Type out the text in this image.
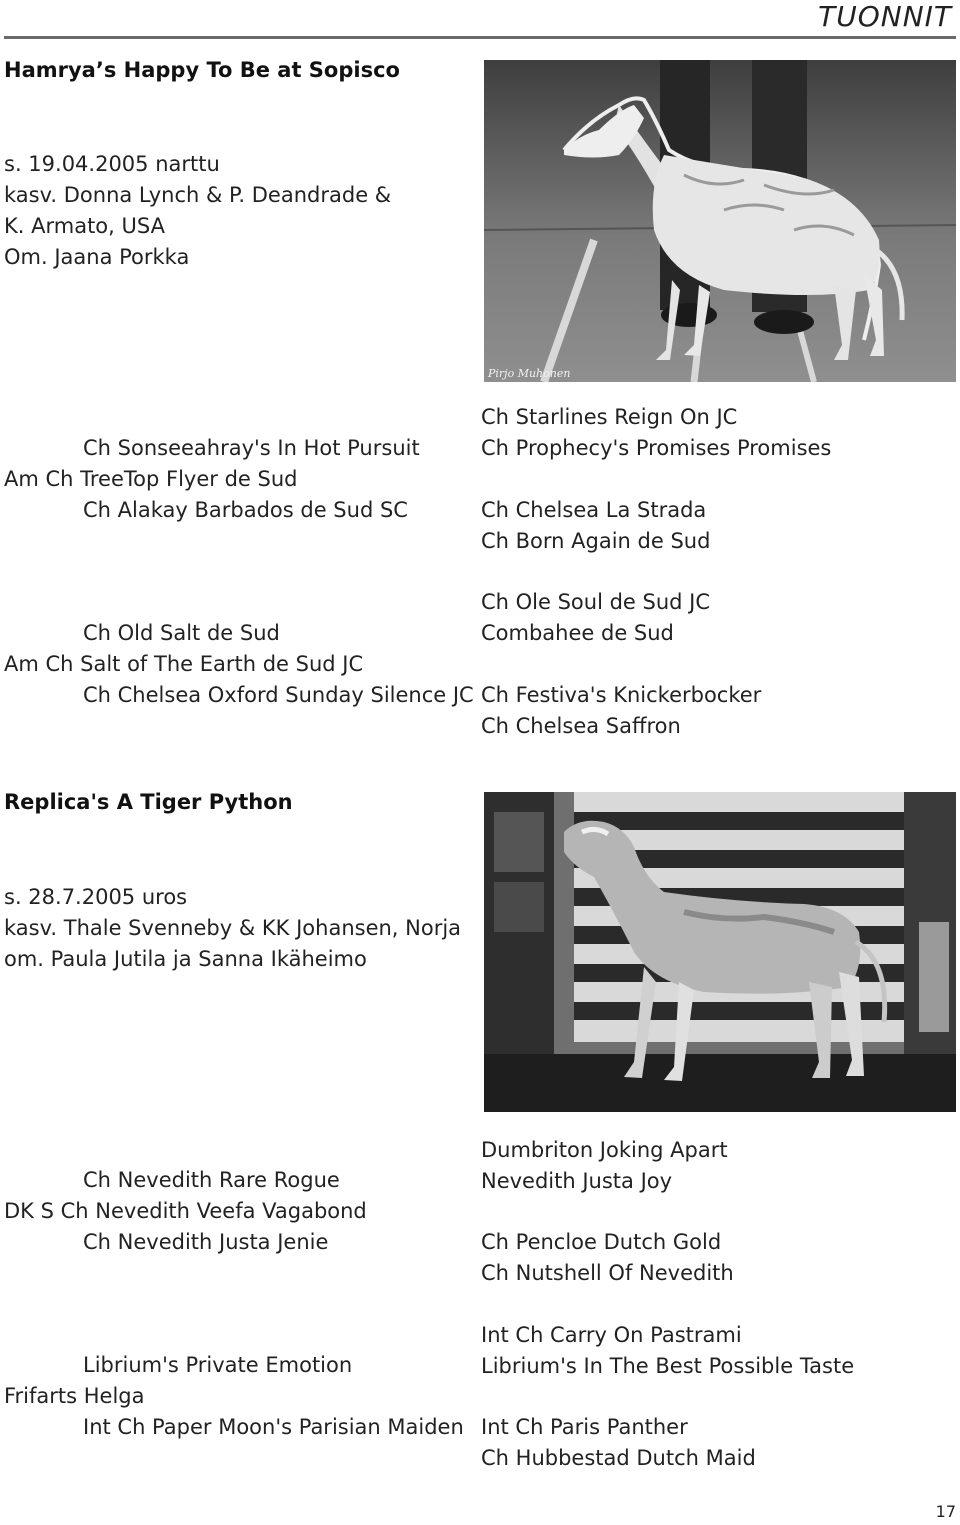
TUONNIT
Hamrya’s Happy To Be at Sopisco
s. 19.04.2005 narttu
kasv. Donna Lynch & P. Deandrade &
K. Armato, USA
Om. Jaana Porkka
Pirjo Muhonen
Ch Sonseeahray's In Hot Pursuit
Am Ch TreeTop Flyer de Sud
Ch Alakay Barbados de Sud SC
Ch Old Salt de Sud
Am Ch Salt of The Earth de Sud JC
Ch Chelsea Oxford Sunday Silence JC
Ch Starlines Reign On JC
Ch Prophecy's Promises Promises
Ch Chelsea La Strada
Ch Born Again de Sud
Ch Ole Soul de Sud JC
Combahee de Sud
Ch Festiva's Knickerbocker
Ch Chelsea Saffron
Replica's A Tiger Python
s. 28.7.2005 uros
kasv. Thale Svenneby & KK Johansen, Norja
om. Paula Jutila ja Sanna Ikäheimo
Ch Nevedith Rare Rogue
DK S Ch Nevedith Veefa Vagabond
Ch Nevedith Justa Jenie
Librium's Private Emotion
Frifarts Helga
Int Ch Paper Moon's Parisian Maiden
Dumbriton Joking Apart
Nevedith Justa Joy
Ch Pencloe Dutch Gold
Ch Nutshell Of Nevedith
Int Ch Carry On Pastrami
Librium's In The Best Possible Taste
Int Ch Paris Panther
Ch Hubbestad Dutch Maid
17
